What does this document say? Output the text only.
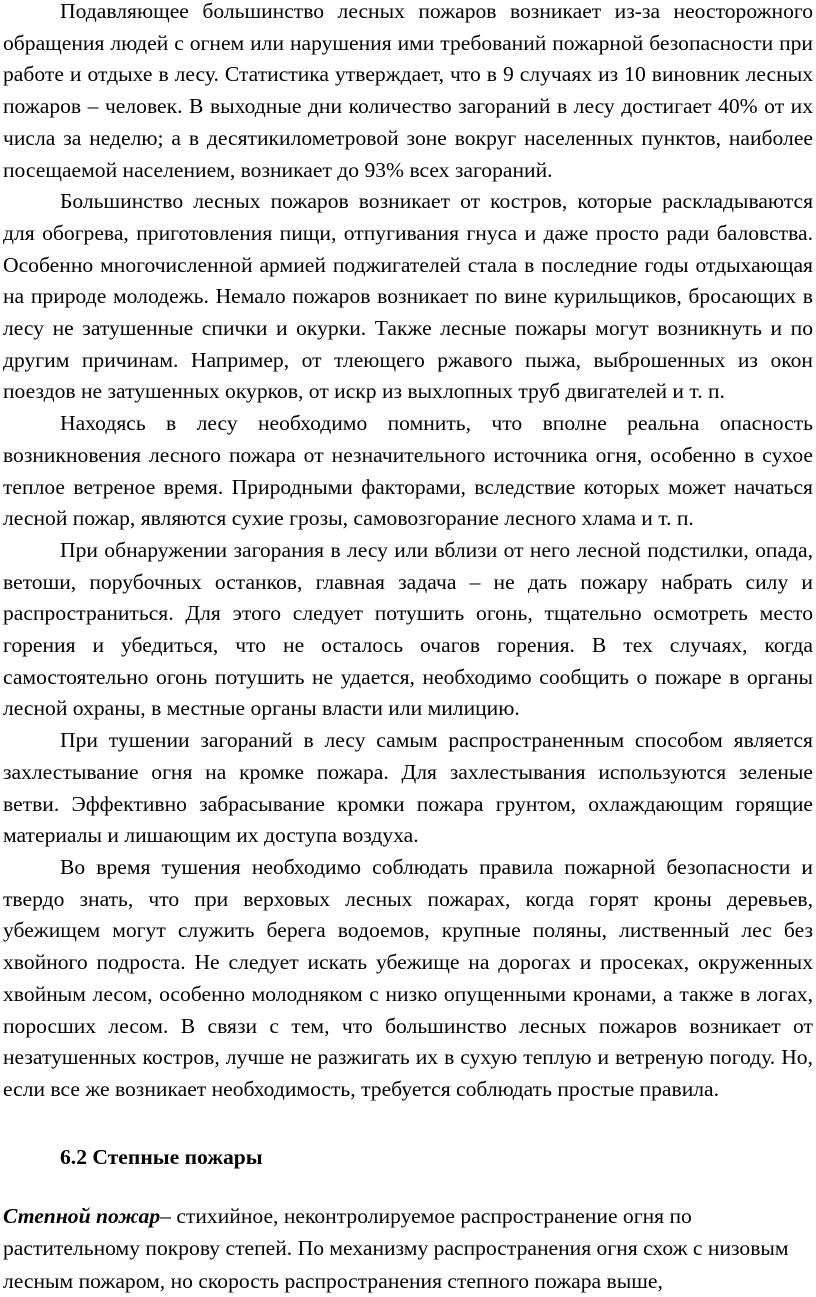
Подавляющее большинство лесных пожаров возникает из-за неосторожного обращения людей с огнем или нарушения ими требований пожарной безопасности при работе и отдыхе в лесу. Статистика утверждает, что в 9 случаях из 10 виновник лесных пожаров – человек. В выходные дни количество загораний в лесу достигает 40% от их числа за неделю; а в десятикилометровой зоне вокруг населенных пунктов, наиболее посещаемой населением, возникает до 93% всех загораний.

Большинство лесных пожаров возникает от костров, которые раскладываются для обогрева, приготовления пищи, отпугивания гнуса и даже просто ради баловства. Особенно многочисленной армией поджигателей стала в последние годы отдыхающая на природе молодежь. Немало пожаров возникает по вине курильщиков, бросающих в лесу не затушенные спички и окурки. Также лесные пожары могут возникнуть и по другим причинам. Например, от тлеющего ржавого пыжа, выброшенных из окон поездов не затушенных окурков, от искр из выхлопных труб двигателей и т. п.

Находясь в лесу необходимо помнить, что вполне реальна опасность возникновения лесного пожара от незначительного источника огня, особенно в сухое теплое ветреное время. Природными факторами, вследствие которых может начаться лесной пожар, являются сухие грозы, самовозгорание лесного хлама и т. п.

При обнаружении загорания в лесу или вблизи от него лесной подстилки, опада, ветоши, порубочных останков, главная задача – не дать пожару набрать силу и распространиться. Для этого следует потушить огонь, тщательно осмотреть место горения и убедиться, что не осталось очагов горения. В тех случаях, когда самостоятельно огонь потушить не удается, необходимо сообщить о пожаре в органы лесной охраны, в местные органы власти или милицию.

При тушении загораний в лесу самым распространенным способом является захлестывание огня на кромке пожара. Для захлестывания используются зеленые ветви. Эффективно забрасывание кромки пожара грунтом, охлаждающим горящие материалы и лишающим их доступа воздуха.

Во время тушения необходимо соблюдать правила пожарной безопасности и твердо знать, что при верховых лесных пожарах, когда горят кроны деревьев, убежищем могут служить берега водоемов, крупные поляны, лиственный лес без хвойного подроста. Не следует искать убежище на дорогах и просеках, окруженных хвойным лесом, особенно молодняком с низко опущенными кронами, а также в логах, поросших лесом. В связи с тем, что большинство лесных пожаров возникает от незатушенных костров, лучше не разжигать их в сухую теплую и ветреную погоду. Но, если все же возникает необходимость, требуется соблюдать простые правила.

6.2 Степные пожары

Степной пожар– стихийное, неконтролируемое распространение огня по растительному покрову степей. По механизму распространения огня схож с низовым лесным пожаром, но скорость распространения степного пожара выше,
